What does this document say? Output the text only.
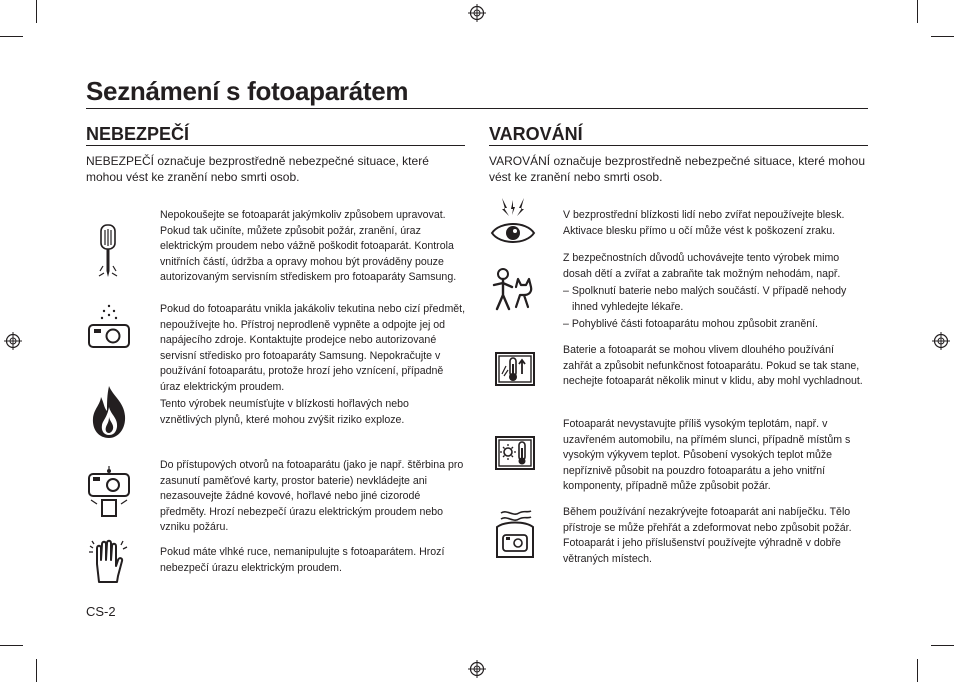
Seznámení s fotoaparátem
NEBEZPEČÍ

NEBEZPEČÍ označuje bezprostředně nebezpečné situace, které mohou vést ke zranění nebo smrti osob.

Nepokoušejte se fotoaparát jakýmkoliv způsobem upravovat. Pokud tak učiníte, můžete způsobit požár, zranění, úraz elektrickým proudem nebo vážně poškodit fotoaparát. Kontrola vnitřních částí, údržba a opravy mohou být prováděny pouze autorizovaným servisním střediskem pro fotoaparáty Samsung.

Pokud do fotoaparátu vnikla jakákoliv tekutina nebo cizí předmět, nepoužívejte ho. Přístroj neprodleně vypněte a odpojte jej od napájecího zdroje. Kontaktujte prodejce nebo autorizované servisní středisko pro fotoaparáty Samsung. Nepokračujte v používání fotoaparátu, protože hrozí jeho vznícení, případně úraz elektrickým proudem.

Tento výrobek neumísťujte v blízkosti hořlavých nebo vznětlivých plynů, které mohou zvýšit riziko exploze.

Do přístupových otvorů na fotoaparátu (jako je např. štěrbina pro zasunutí paměťové karty, prostor baterie) nevkládejte ani nezasouvejte žádné kovové, hořlavé nebo jiné cizorodé předměty. Hrozí nebezpečí úrazu elektrickým proudem nebo vzniku požáru.

Pokud máte vlhké ruce, nemanipulujte s fotoaparátem. Hrozí nebezpečí úrazu elektrickým proudem.

VAROVÁNÍ

VAROVÁNÍ označuje bezprostředně nebezpečné situace, které mohou vést ke zranění nebo smrti osob.

V bezprostřední blízkosti lidí nebo zvířat nepoužívejte blesk. Aktivace blesku přímo u očí může vést k poškození zraku.

Z bezpečnostních důvodů uchovávejte tento výrobek mimo dosah dětí a zvířat a zabraňte tak možným nehodám, např.

– Spolknutí baterie nebo malých součástí. V případě nehody ihned vyhledejte lékaře.
– Pohyblivé části fotoaparátu mohou způsobit zranění.

Baterie a fotoaparát se mohou vlivem dlouhého používání zahřát a způsobit nefunkčnost fotoaparátu. Pokud se tak stane, nechejte fotoaparát několik minut v klidu, aby mohl vychladnout.

Fotoaparát nevystavujte příliš vysokým teplotám, např. v uzavřeném automobilu, na přímém slunci, případně místům s vysokým výkyvem teplot. Působení vysokých teplot může nepříznivě působit na pouzdro fotoaparátu a jeho vnitřní komponenty, případně může způsobit požár.

Během používání nezakrývejte fotoaparát ani nabíječku. Tělo přístroje se může přehřát a zdeformovat nebo způsobit požár. Fotoaparát i jeho příslušenství používejte výhradně v dobře větraných místech.

CS-2
